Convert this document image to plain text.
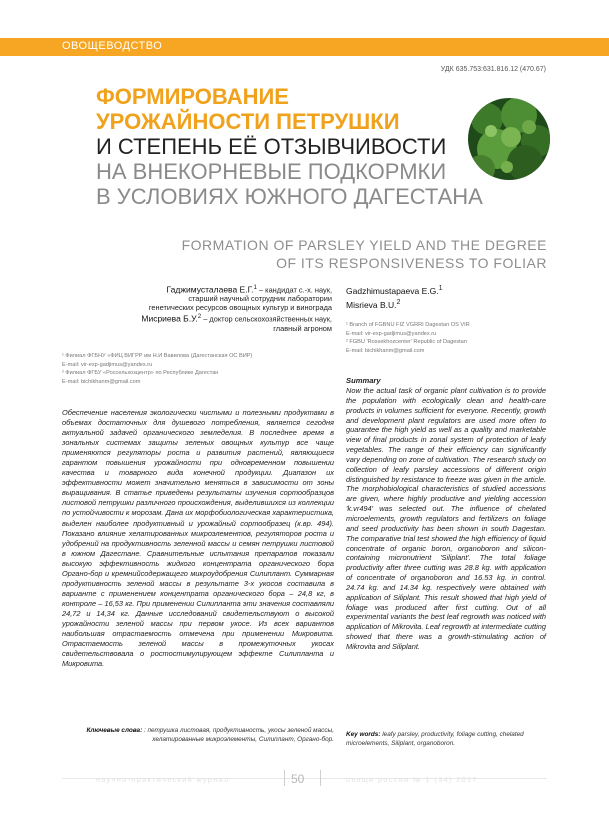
ОВОЩЕВОДСТВО
УДК 635.753:631.816.12 (470.67)
ФОРМИРОВАНИЕ
УРОЖАЙНОСТИ ПЕТРУШКИ
И СТЕПЕНЬ ЕЁ ОТЗЫВЧИВОСТИ
НА ВНЕКОРНЕВЫЕ ПОДКОРМКИ
В УСЛОВИЯХ ЮЖНОГО ДАГЕСТАНА
FORMATION OF PARSLEY YIELD AND THE DEGREE
OF ITS RESPONSIVENESS TO FOLIAR
Гаджимусталаева Е.Г.$^1$ – кандидат с.-х. наук,
старший научный сотрудник лаборатории
генетических ресурсов овощных культур и винограда
Мисриева Б.У.$^2$ – доктор сельскохозяйственных наук,
главный агроном
¹ Филиал ФГБНУ «ФИЦ ВИГРР им Н.И Вавилова (Дагестанская ОС ВИР)
E-mail: vir-exp-gadjimus@yandex.ru
² Филиал ФГБУ «Россельхозцентр» по Республике Дагестан
E-mail: bichikhanm@gmail.com
Gadzhimustapaeva E.G.$^1$
Misrieva B.U.$^2$
¹ Branch of FGBNU FIZ VGRRI Dagestan OS VIR
E-mail: vir-exp-gadjimus@yandex.ru
² FGBU 'Rossekhozcenter' Republic of Dagestan
E-mail: bichikhanm@gmail.com
Обеспечение населения экологически чистыми и полезными продуктами в объемах достаточных для душевого потребления, является сегодня актуальной задачей органического земледелия. В последнее время в зональных системах защиты зеленых овощных культур все чаще применяются регуляторы роста и развития растений, являющиеся гарантом повышения урожайности при одновременном повышении качества и товарного вида конечной продукции. Диапазон их эффективности может значительно меняться в зависимости от зоны выращивания. В статье приведены результаты изучения сортообразцов листовой петрушки различного происхождения, выделившихся из коллекции по устойчивости к морозам. Дана их морфобиологическая характеристика, выделен наиболее продуктивный и урожайный сортообразец (к.вр. 494). Показано влияние хелатированных микроэлементов, регуляторов роста и удобрений на продуктивность зеленной массы и семян петрушки листовой в южном Дагестане. Сравнительные испытания препаратов показали высокую эффективность жидкого концентрата органического бора Органо-бор и кремнийсодержащего микроудобрения Силиплант. Суммарная продуктивность зеленой массы в результате 3-х укосов составила в варианте с применением концентрата органического бора – 24,8 кг, в контроле – 16,53 кг. При применении Силипланта эти значения составляли 24,72 и 14,34 кг. Данные исследований свидетельствуют о высокой урожайности зеленой массы при первом укосе. Из всех вариантов наибольшая отрастаемость отмечена при применении Микровита. Отрастаемость зеленой массы в промежуточных укосах свидетельствовала о ростостимулирующем эффекте Силипланта и Микровита.
Ключевые слова: : петрушка листовая, продуктивность, укосы зеленой массы, хелатированные микроэлементы, Силиплант, Органо-бор.
Summary
Now the actual task of organic plant cultivation is to provide the population with ecologically clean and health-care products in volumes sufficient for everyone. Recently, growth and development plant regulators are used more often to guarantee the high yield as well as a quality and marketable view of final products in zonal system of protection of leafy vegetables. The range of their efficiency can significantly vary depending on zone of cultivation. The research study on collection of leafy parsley accessions of different origin distinguished by resistance to freeze was given in the article. The morphobiological characteristics of studied accessions are given, where highly productive and yielding accession 'k.vr494' was selected out. The influence of chelated microelements, growth regulators and fertilizers on foliage and seed productivity has been shown in south Dagestan. The comparative trial test showed the high efficiency of liquid concentrate of organic boron, organoboron and silicon-containing micronutrient 'Siliplant'. The total foliage productivity after three cutting was 28.8 kg. with application of concentrate of organoboron and 16.53 kg. in control. 24.74 kg. and 14.34 kg. respectively were obtained with application of Siliplant. This result showed that high yield of foliage was produced after first cutting. Out of all experimental variants the best leaf regrowth was noticed with application of Mikrovita. Leaf regrowth at intermediate cutting showed that there was a growth-stimulating action of Mikrovita and Siliplant.
Key words: leafy parsley, productivity, foliage cutting, chelated microelements, Siliplant, organoboron.
научно-практический журнал	50	овощи россии № 1 (34) 2017
